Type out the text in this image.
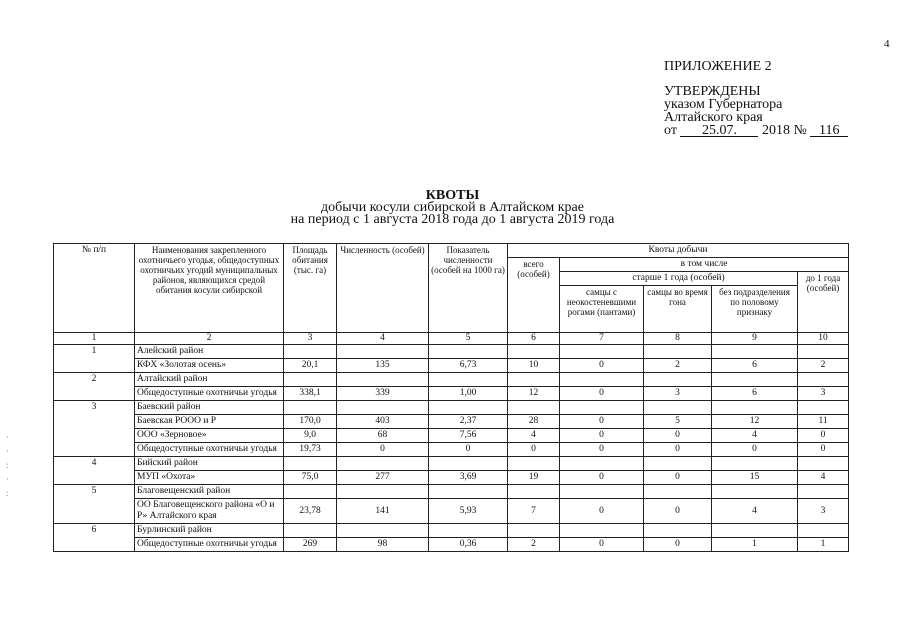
4
ПРИЛОЖЕНИЕ 2
УТВЕРЖДЕНЫ
указом Губернатора
Алтайского края
от 25.07. 2018 № 116
КВОТЫ
добычи косули сибирской в Алтайском крае
на период с 1 августа 2018 года до 1 августа 2019 года
·
·
:
·
:
№ п/п	Наименования закрепленного охотничьего угодья, общедоступных охотничьих угодий муниципальных районов, являющихся средой обитания косули сибирской	Площадь обитания (тыс. га)	Численность (особей)	Показатель численности (особей на 1000 га)	Квоты добычи				
					всего (особей)	в том числе			
						старше 1 года (особей)			до 1 года (особей)
						самцы с неокостеневшими рогами (пантами)	самцы во время гона	без подразделения по половому признаку	
1	2	3	4	5	6	7	8	9	10
1	Алейский район								
	КФХ «Золотая осень»	20,1	135	6,73	10	0	2	6	2
2	Алтайский район								
	Общедоступные охотничьи угодья	338,1	339	1,00	12	0	3	6	3
3	Баевский район								
	Баевская РООО и Р	170,0	403	2,37	28	0	5	12	11
	ООО «Зерновое»	9,0	68	7,56	4	0	0	4	0
	Общедоступные охотничьи угодья	19,73	0	0	0	0	0	0	0
4	Бийский район								
	МУП «Охота»	75,0	277	3,69	19	0	0	15	4
5	Благовещенский район								
	ОО Благовещенского района «О и Р» Алтайского края	23,78	141	5,93	7	0	0	4	3
6	Бурлинский район								
	Общедоступные охотничьи угодья	269	98	0,36	2	0	0	1	1
